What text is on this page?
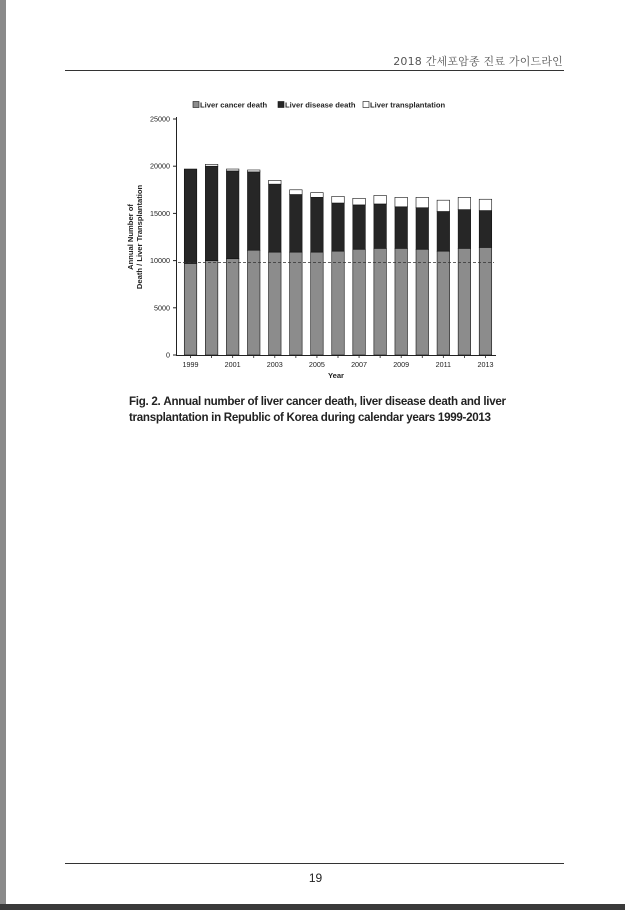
2018 간세포암종 진료 가이드라인
Liver cancer death Liver disease death Liver transplantation
0
5000
10000
15000
20000
25000
1999	2001	2003	2005	2007	2009	2011	2013
Year
Annual Number of Death / Liver Transplantation
Fig. 2. Annual number of liver cancer death, liver disease death and liver transplantation in Republic of Korea during calendar years 1999-2013
19
